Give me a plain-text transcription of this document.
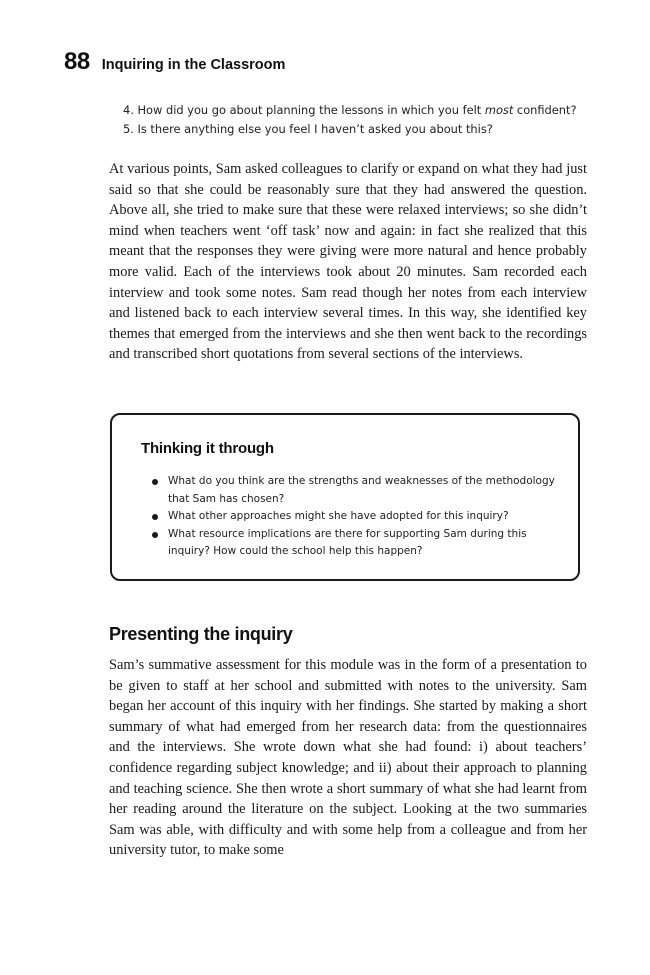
88 Inquiring in the Classroom
4. How did you go about planning the lessons in which you felt most confident?
5. Is there anything else you feel I haven’t asked you about this?

At various points, Sam asked colleagues to clarify or expand on what they had just said so that she could be reasonably sure that they had answered the question. Above all, she tried to make sure that these were relaxed interviews; so she didn’t mind when teachers went ‘off task’ now and again: in fact she realized that this meant that the responses they were giving were more natural and hence probably more valid. Each of the interviews took about 20 minutes. Sam recorded each interview and took some notes. Sam read though her notes from each interview and listened back to each interview several times. In this way, she identified key themes that emerged from the interviews and she then went back to the recordings and transcribed short quotations from several sections of the interviews.

Thinking it through
What do you think are the strengths and weaknesses of the methodology that Sam has chosen?
What other approaches might she have adopted for this inquiry?
What resource implications are there for supporting Sam during this inquiry? How could the school help this happen?
Presenting the inquiry

Sam’s summative assessment for this module was in the form of a presentation to be given to staff at her school and submitted with notes to the university. Sam began her account of this inquiry with her findings. She started by making a short summary of what had emerged from her research data: from the questionnaires and the interviews. She wrote down what she had found: i) about teachers’ confidence regarding subject knowledge; and ii) about their approach to planning and teaching science. She then wrote a short summary of what she had learnt from her reading around the literature on the subject. Looking at the two summaries Sam was able, with difficulty and with some help from a colleague and from her university tutor, to make some
